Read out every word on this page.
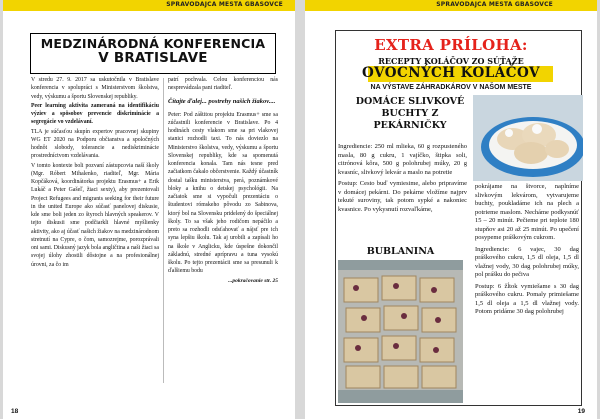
SPRAVODAJCA MESTA GBASOVCE
MEDZINÁRODNÁ KONFERENCIA
V BRATISLAVE

V stredu 27. 9. 2017 sa uskutočnila v Bratislave konferencia v spolupráci s Ministerstvom školstva, vedy, výskumu a športu Slovenskej republiky.

Peer learning aktivita zameraná na identifikáciu výziev a spôsobov prevencie diskriminácie a segregácie vo vzdelávaní.

TLA je súčasťou skupín expertov pracovnej skupiny WG ET 2020 na Podporu občianstva a spoločných hodnôt slobody, tolerancie a nediskriminácie prostredníctvom vzdelávania.

V tomto kontexte boli pozvaní zástupcovia naší školy (Mgr. Róbert Mihalenko, riaditeľ, Mgr. Mária Kopčáková, koordinátorka projektu Erasmus+ a Erik Lukáč a Peter Gašeľ, žiaci sexty), aby prezentovali Project Refugees and migrants seeking for their future in the united Europe ako súčasť panelovej diskusie, kde sme boli jeden zo štyroch hlavných speakerov. V tejto diskusii sme podčiarkli hlavné myšlienky aktivity, ako aj účasť našich žiakov na medzinárodnom stretnutí na Cypre, o čom, samozrejme, porozprávali oni sami. Diskusný jazyk bola angličtina a naši žiaci sa svojej úlohy zhostili dôstojne a na profesionálnej úrovni, za čo im

patrí pochvala. Celou konferenciou nás nesprevádzala pani riaditeľ.

Čítajte ďalej... postrehy našich žiakov....

Peter: Pod záštitou projektu Erasmus+ sme sa zúčastnili konferencie v Bratislave. Po 4 hodinách cesty vlakom sme sa pri vlakovej stanici rozhodli taxi. To nás doviezlo na Ministerstvo školstva, vedy, výskumu a športu Slovenskej republiky, kde sa spomenutá konferencia konala. Tam nás tesne pred začiatkom čakalo občerstvenie. Každý účastník dostal tašku ministerstva, perá, poznámkové bloky a knihu o detskej psychológii. Na začiatok sme si vypočuli prezentáciu o študentovi rómskeho pôvodu zo Sabinova, ktorý bol na Slovensku pridelený do špeciálnej školy. To sa však jeho rodičom nepáčilo a preto sa rozhodli odsťahovať a nájsť pre ich syna lepšiu školu. Tak aj urobili a zapísali ho na škole v Anglicku, kde úspešne dokončil základnú, stredné aprípravu a tuna vysokú školu. Po tejto prezentácii sme sa presunuli k ďalšiemu bodu

...pokračovanie str. 25

18
SPRAVODAJCA MESTA GBASOVCE
EXTRA PRÍLOHA:
RECEPTY KOLÁČOV ZO SÚŤAŽE
OVOCNÝCH KOLÁČOV
NA VÝSTAVE ZÁHRADKÁROV V NAŠOM MESTE
DOMÁCE SLIVKOVÉ BUCHTY Z PEKÁRNIČKY

Ingrediencie: 250 ml mlieka, 60 g rozpusteného masla, 80 g cukru, 1 vajíčko, štipka soli, citrónová kôra, 500 g polohrubej múky, 20 g kvasníc, slivkový lekvár a maslo na potretie

Postup: Cesto buď vymiesime, alebo pripravíme v domácej pekárni. Do pekárne vložíme najprv tekuté suroviny, tak potom sypké a nakoniec kvasnice. Po vykysnutí rozvaľkáme,

BUBLANINA

pokrájame na štvorce, naplníme slivkovým lekvárom, vytvarujeme buchty, poukladáme ich na plech a potrieme maslom. Necháme podkysnúť 15 – 20 minút. Pečieme pri teplote 180 stupňov asi 20 až 25 minút. Po upečení posypeme práškovým cukrom.

Ingrediencie: 6 vajec, 30 dag práškového cukru, 1,5 dl oleja, 1,5 dl vlažnej vody, 30 dag polohrubej múky, pol prášku do pečiva

Postup: 6 žĺtok vymiešame s 30 dag práškového cukru. Pomaly primiešame 1,5 dl oleja a 1,5 dl vlažnej vody. Potom pridáme 30 dag polohrubej

19
